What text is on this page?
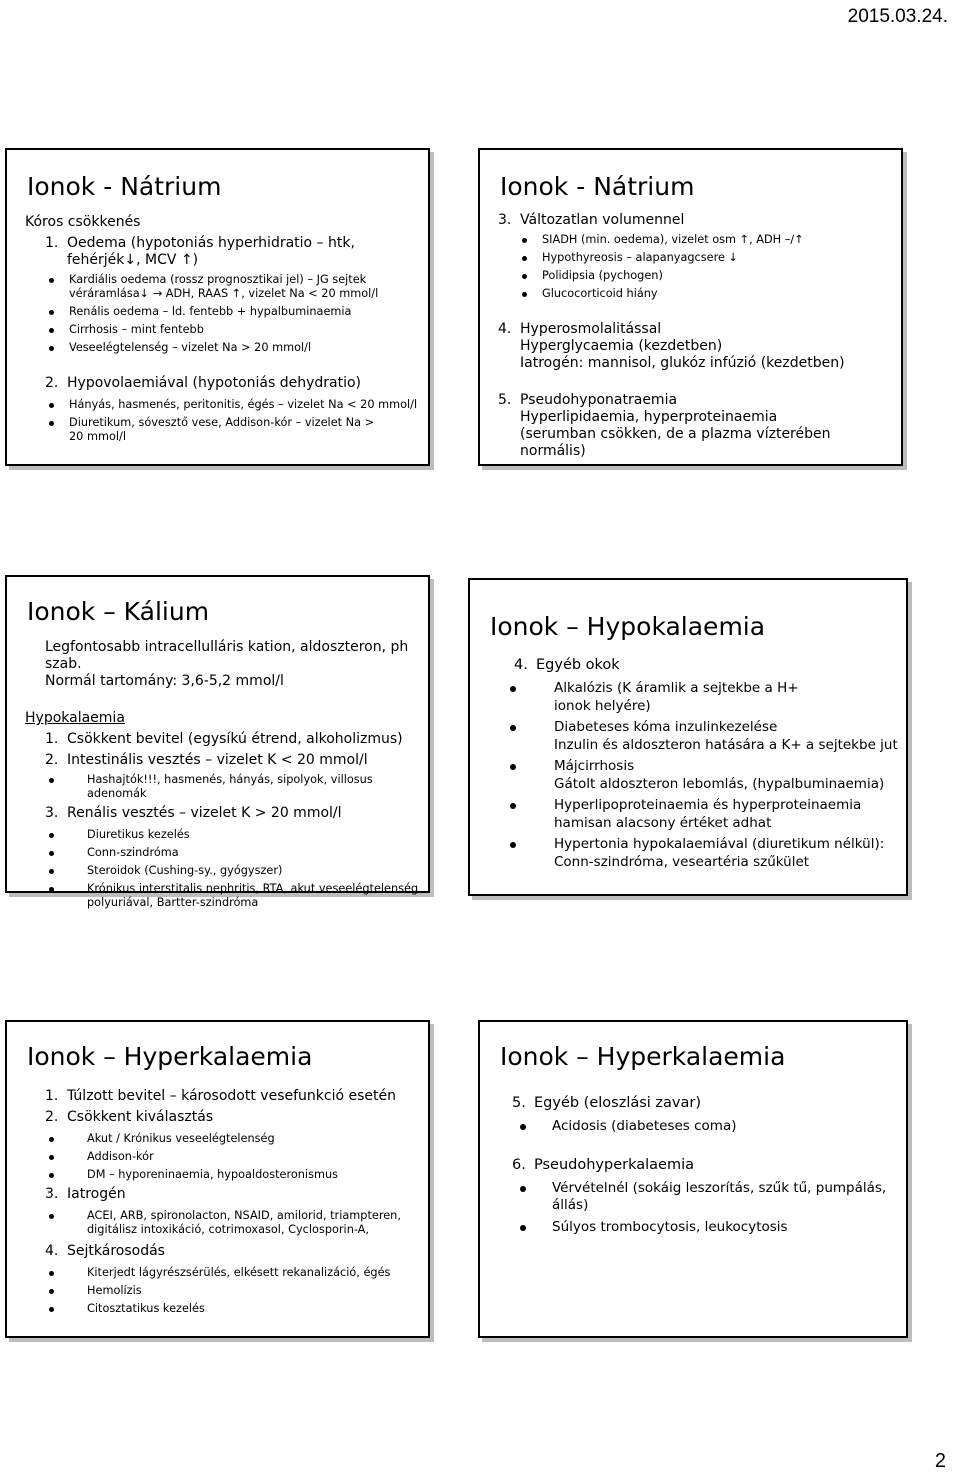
2015.03.24.
Ionok - Nátrium
Kóros csökkenés
1. Oedema (hypotoniás hyperhidratio – htk, fehérjék↓, MCV ↑)
Kardiális oedema (rossz prognosztikai jel) – JG sejtek véráramlása↓ → ADH, RAAS ↑, vizelet Na < 20 mmol/l
Renális oedema – ld. fentebb + hypalbuminaemia
Cirrhosis – mint fentebb
Veseelégtelenség – vizelet Na > 20 mmol/l
2. Hypovolaemiával (hypotoniás dehydratio)
Hányás, hasmenés, peritonitis, égés – vizelet Na < 20 mmol/l
Diuretikum, sóvesztő vese, Addison-kór – vizelet Na > 20 mmol/l
Ionok - Nátrium
3. Változatlan volumennel
SIADH (min. oedema), vizelet osm ↑, ADH –/↑
Hypothyreosis – alapanyagcsere ↓
Polidipsia (pychogen)
Glucocorticoid hiány
4. Hyperosmolalitással
Hyperglycaemia (kezdetben)
Iatrogén: mannisol, glukóz infúzió (kezdetben)
5. Pseudohyponatraemia
Hyperlipidaemia, hyperproteinaemia (serumban csökken, de a plazma vízterében normális)
Ionok – Kálium
Legfontosabb intracellulláris kation, aldoszteron, ph szab.
Normál tartomány: 3,6-5,2 mmol/l
Hypokalaemia
1. Csökkent bevitel (egysíkú étrend, alkoholizmus)
2. Intestinális vesztés – vizelet K < 20 mmol/l
Hashajtók!!!, hasmenés, hányás, sipolyok, villosus adenomák
3. Renális vesztés – vizelet K > 20 mmol/l
Diuretikus kezelés
Conn-szindróma
Steroidok (Cushing-sy., gyógyszer)
Krónikus interstitalis nephritis, RTA, akut veseelégtelenség polyuriával, Bartter-szindróma
Ionok – Hypokalaemia
4. Egyéb okok
Alkalózis (K áramlik a sejtekbe a H+ ionok helyére)
Diabeteses kóma inzulinkezelése
Inzulin és aldoszteron hatására a K+ a sejtekbe jut
Májcirrhosis
Gátolt aldoszteron lebomlás, (hypalbuminaemia)
Hyperlipoproteinaemia és hyperproteinaemia hamisan alacsony értéket adhat
Hypertonia hypokalaemiával (diuretikum nélkül): Conn-szindróma, veseartéria szűkület
Ionok – Hyperkalaemia
1. Túlzott bevitel – károsodott vesefunkció esetén
2. Csökkent kiválasztás
Akut / Krónikus veseelégtelenség
Addison-kór
DM – hyporeninaemia, hypoaldosteronismus
3. Iatrogén
ACEI, ARB, spironolacton, NSAID, amilorid, triampteren, digitálisz intoxikáció, cotrimoxasol, Cyclosporin-A,
4. Sejtkárosodás
Kiterjedt lágyrészsérülés, elkésett rekanalizáció, égés
Hemolízis
Citosztatikus kezelés
Ionok – Hyperkalaemia
5. Egyéb (eloszlási zavar)
Acidosis (diabeteses coma)
6. Pseudohyperkalaemia
Vérvételnél (sokáig leszorítás, szűk tű, pumpálás, állás)
Súlyos trombocytosis, leukocytosis
2
